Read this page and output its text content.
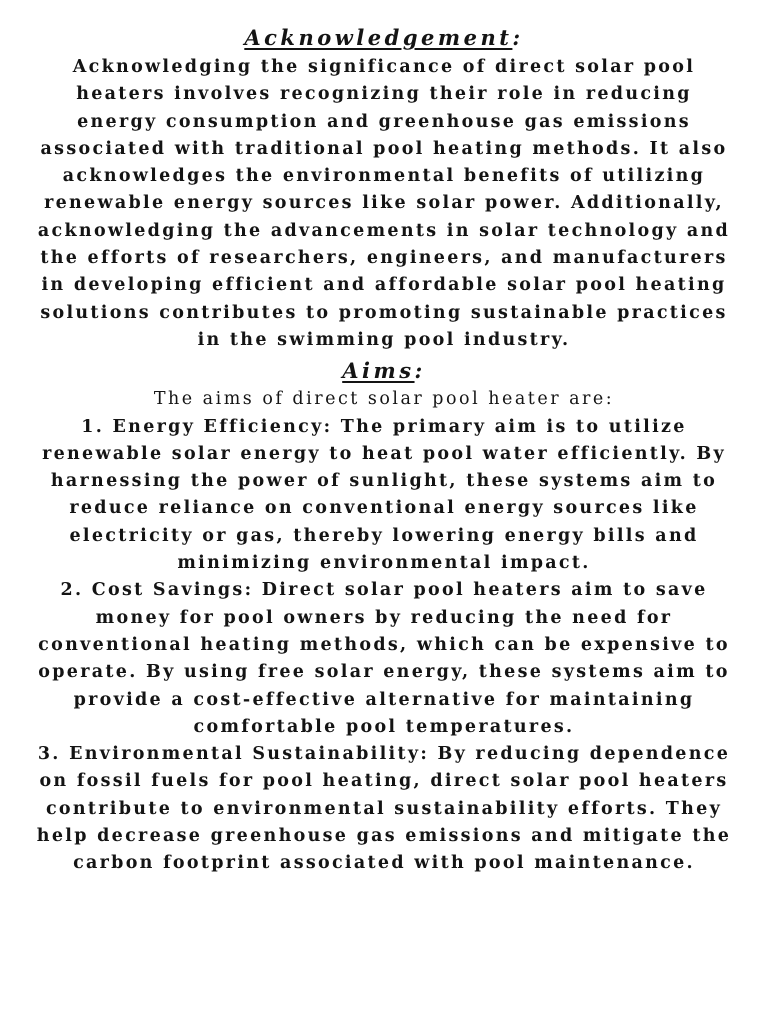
Acknowledgement:

Acknowledging the significance of direct solar pool heaters involves recognizing their role in reducing energy consumption and greenhouse gas emissions associated with traditional pool heating methods. It also acknowledges the environmental benefits of utilizing renewable energy sources like solar power. Additionally, acknowledging the advancements in solar technology and the efforts of researchers, engineers, and manufacturers in developing efficient and affordable solar pool heating solutions contributes to promoting sustainable practices in the swimming pool industry.

Aims:

The aims of direct solar pool heater are:

1. Energy Efficiency: The primary aim is to utilize renewable solar energy to heat pool water efficiently. By harnessing the power of sunlight, these systems aim to reduce reliance on conventional energy sources like electricity or gas, thereby lowering energy bills and minimizing environmental impact.

2. Cost Savings: Direct solar pool heaters aim to save money for pool owners by reducing the need for conventional heating methods, which can be expensive to operate. By using free solar energy, these systems aim to provide a cost-effective alternative for maintaining comfortable pool temperatures.

3. Environmental Sustainability: By reducing dependence on fossil fuels for pool heating, direct solar pool heaters contribute to environmental sustainability efforts. They help decrease greenhouse gas emissions and mitigate the carbon footprint associated with pool maintenance.
